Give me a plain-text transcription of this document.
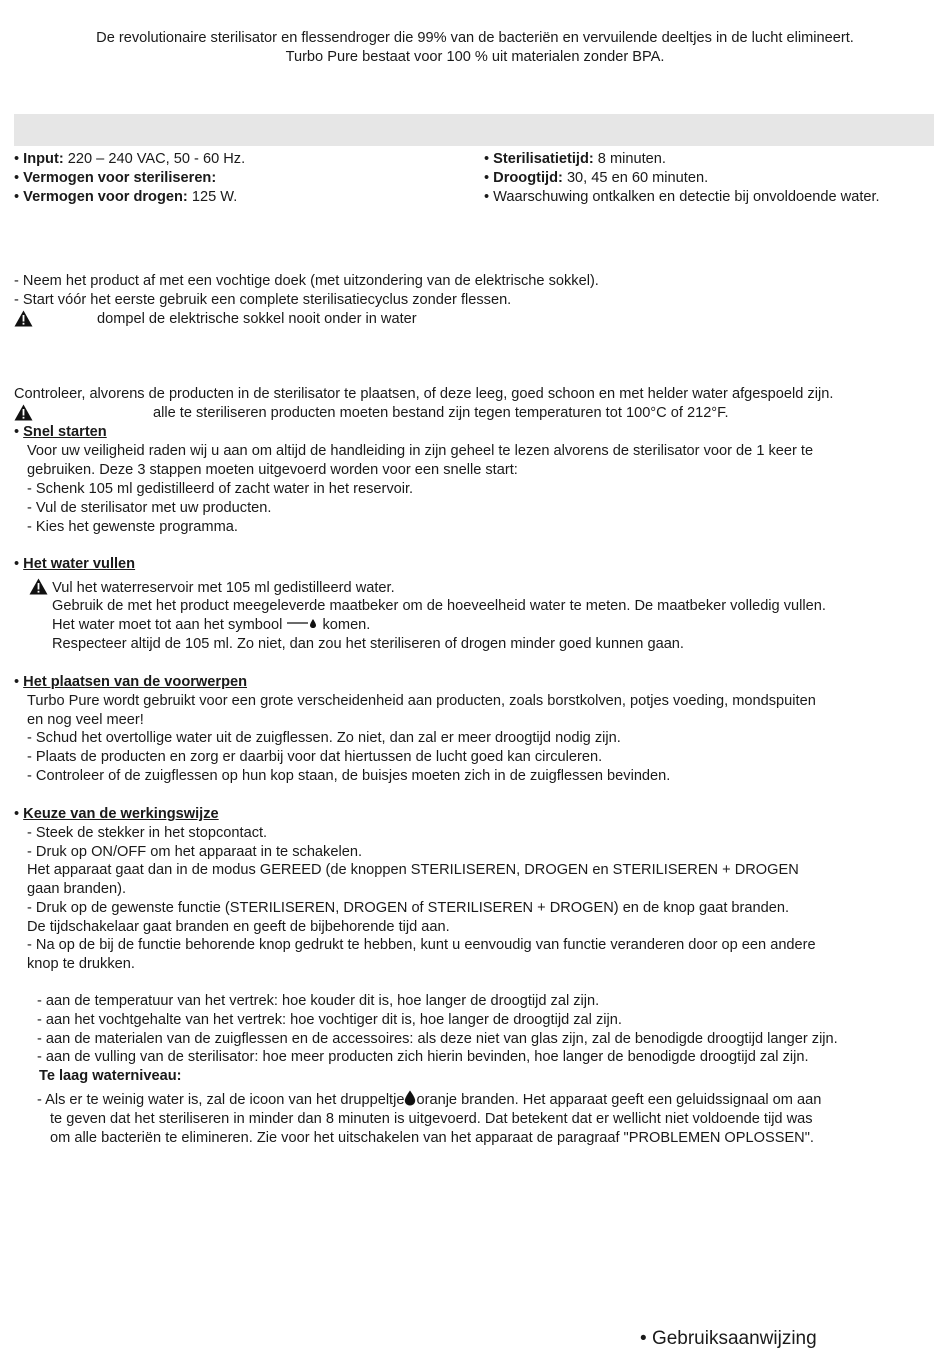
De revolutionaire sterilisator en flessendroger die 99% van de bacteriën en vervuilende deeltjes in de lucht elimineert.
Turbo Pure bestaat voor 100 % uit materialen zonder BPA.
• Input: 220 – 240 VAC, 50 - 60 Hz.
• Vermogen voor steriliseren:
• Vermogen voor drogen: 125 W.
• Sterilisatietijd: 8 minuten.
• Droogtijd: 30, 45 en 60 minuten.
• Waarschuwing ontkalken en detectie bij onvoldoende water.
- Neem het product af met een vochtige doek (met uitzondering van de elektrische sokkel).
- Start vóór het eerste gebruik een complete sterilisatiecyclus zonder flessen.
dompel de elektrische sokkel nooit onder in water
Controleer, alvorens de producten in de sterilisator te plaatsen, of deze leeg, goed schoon en met helder water afgespoeld zijn.
alle te steriliseren producten moeten bestand zijn tegen temperaturen tot 100°C of 212°F.
• Snel starten
Voor uw veiligheid raden wij u aan om altijd de handleiding in zijn geheel te lezen alvorens de sterilisator voor de 1 keer te
gebruiken. Deze 3 stappen moeten uitgevoerd worden voor een snelle start:
- Schenk 105 ml gedistilleerd of zacht water in het reservoir.
- Vul de sterilisator met uw producten.
- Kies het gewenste programma.
• Het water vullen
Vul het waterreservoir met 105 ml gedistilleerd water.
Gebruik de met het product meegeleverde maatbeker om de hoeveelheid water te meten. De maatbeker volledig vullen.
Het water moet tot aan het symbool	komen.
Respecteer altijd de 105 ml. Zo niet, dan zou het steriliseren of drogen minder goed kunnen gaan.
• Het plaatsen van de voorwerpen
Turbo Pure wordt gebruikt voor een grote verscheidenheid aan producten, zoals borstkolven, potjes voeding, mondspuiten
en nog veel meer!
- Schud het overtollige water uit de zuigflessen. Zo niet, dan zal er meer droogtijd nodig zijn.
- Plaats de producten en zorg er daarbij voor dat hiertussen de lucht goed kan circuleren.
- Controleer of de zuigflessen op hun kop staan, de buisjes moeten zich in de zuigflessen bevinden.
• Keuze van de werkingswijze
- Steek de stekker in het stopcontact.
- Druk op ON/OFF om het apparaat in te schakelen.
Het apparaat gaat dan in de modus GEREED (de knoppen STERILISEREN, DROGEN en STERILISEREN + DROGEN
gaan branden).
- Druk op de gewenste functie (STERILISEREN, DROGEN of STERILISEREN + DROGEN) en de knop gaat branden.
De tijdschakelaar gaat branden en geeft de bijbehorende tijd aan.
- Na op de bij de functie behorende knop gedrukt te hebben, kunt u eenvoudig van functie veranderen door op een andere
knop te drukken.
- aan de temperatuur van het vertrek: hoe kouder dit is, hoe langer de droogtijd zal zijn.
- aan het vochtgehalte van het vertrek: hoe vochtiger dit is, hoe langer de droogtijd zal zijn.
- aan de materialen van de zuigflessen en de accessoires: als deze niet van glas zijn, zal de benodigde droogtijd langer zijn.
- aan de vulling van de sterilisator: hoe meer producten zich hierin bevinden, hoe langer de benodigde droogtijd zal zijn.
Te laag waterniveau:
- Als er te weinig water is, zal de icoon van het druppeltje oranje branden. Het apparaat geeft een geluidssignaal om aan
te geven dat het steriliseren in minder dan 8 minuten is uitgevoerd. Dat betekent dat er wellicht niet voldoende tijd was
om alle bacteriën te elimineren. Zie voor het uitschakelen van het apparaat de paragraaf "PROBLEMEN OPLOSSEN".
• Gebruiksaanwijzing
